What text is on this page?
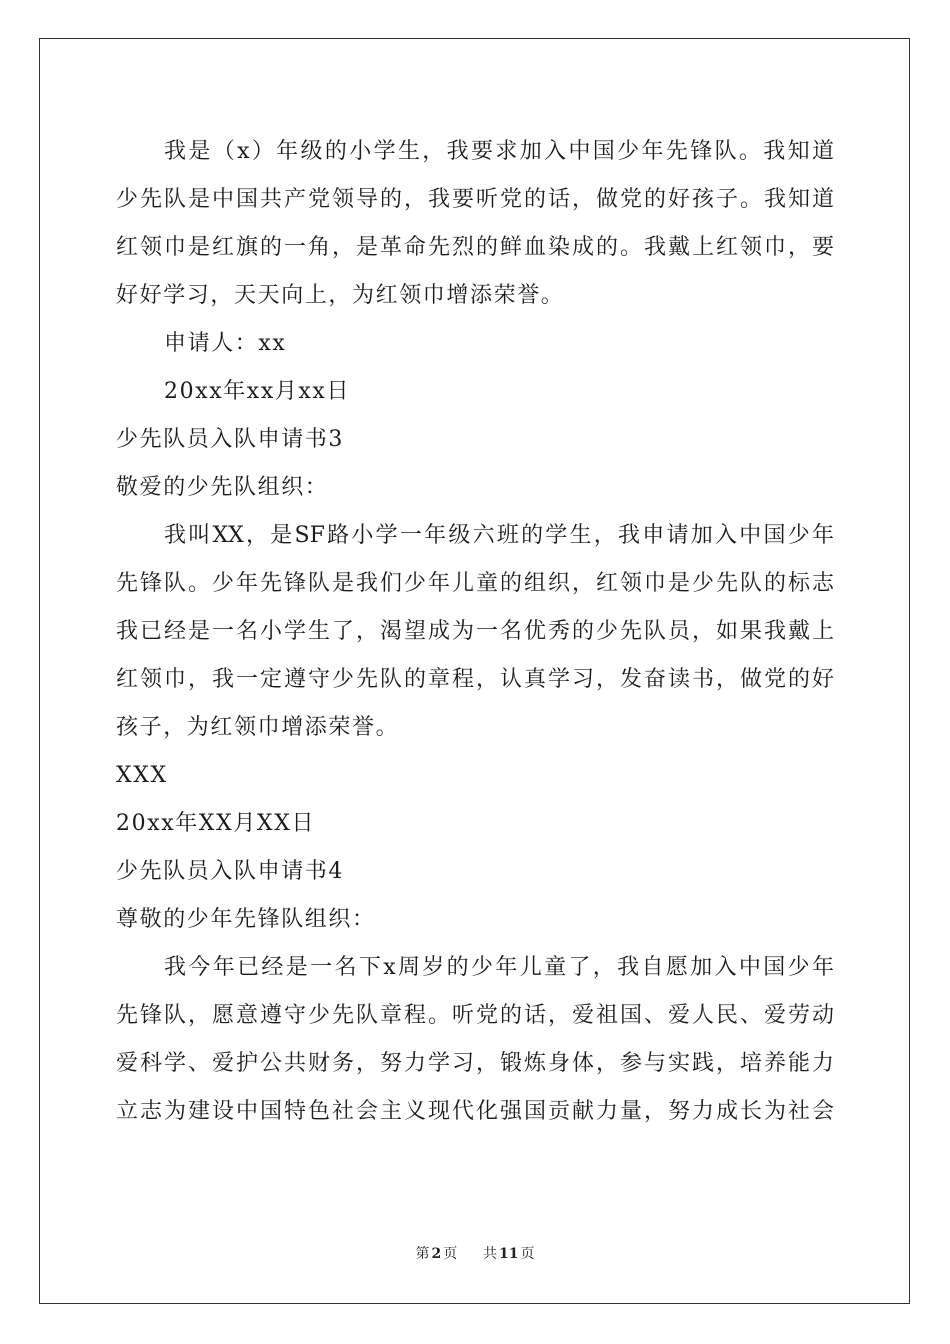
我是（x）年级的小学生，我要求加入中国少年先锋队。我知道
少先队是中国共产党领导的，我要听党的话，做党的好孩子。我知道
红领巾是红旗的一角，是革命先烈的鲜血染成的。我戴上红领巾，要
好好学习，天天向上，为红领巾增添荣誉。
申请人：xx
20xx年xx月xx日
少先队员入队申请书3
敬爱的少先队组织：
我叫XX，是SF路小学一年级六班的学生，我申请加入中国少年
先锋队。少年先锋队是我们少年儿童的组织，红领巾是少先队的标志
我已经是一名小学生了，渴望成为一名优秀的少先队员，如果我戴上
红领巾，我一定遵守少先队的章程，认真学习，发奋读书，做党的好
孩子，为红领巾增添荣誉。
XXX
20xx年XX月XX日
少先队员入队申请书4
尊敬的少年先锋队组织：
我今年已经是一名下x周岁的少年儿童了，我自愿加入中国少年
先锋队，愿意遵守少先队章程。听党的话，爱祖国、爱人民、爱劳动
爱科学、爱护公共财务，努力学习，锻炼身体，参与实践，培养能力
立志为建设中国特色社会主义现代化强国贡献力量，努力成长为社会
第 2 页 共 11 页
